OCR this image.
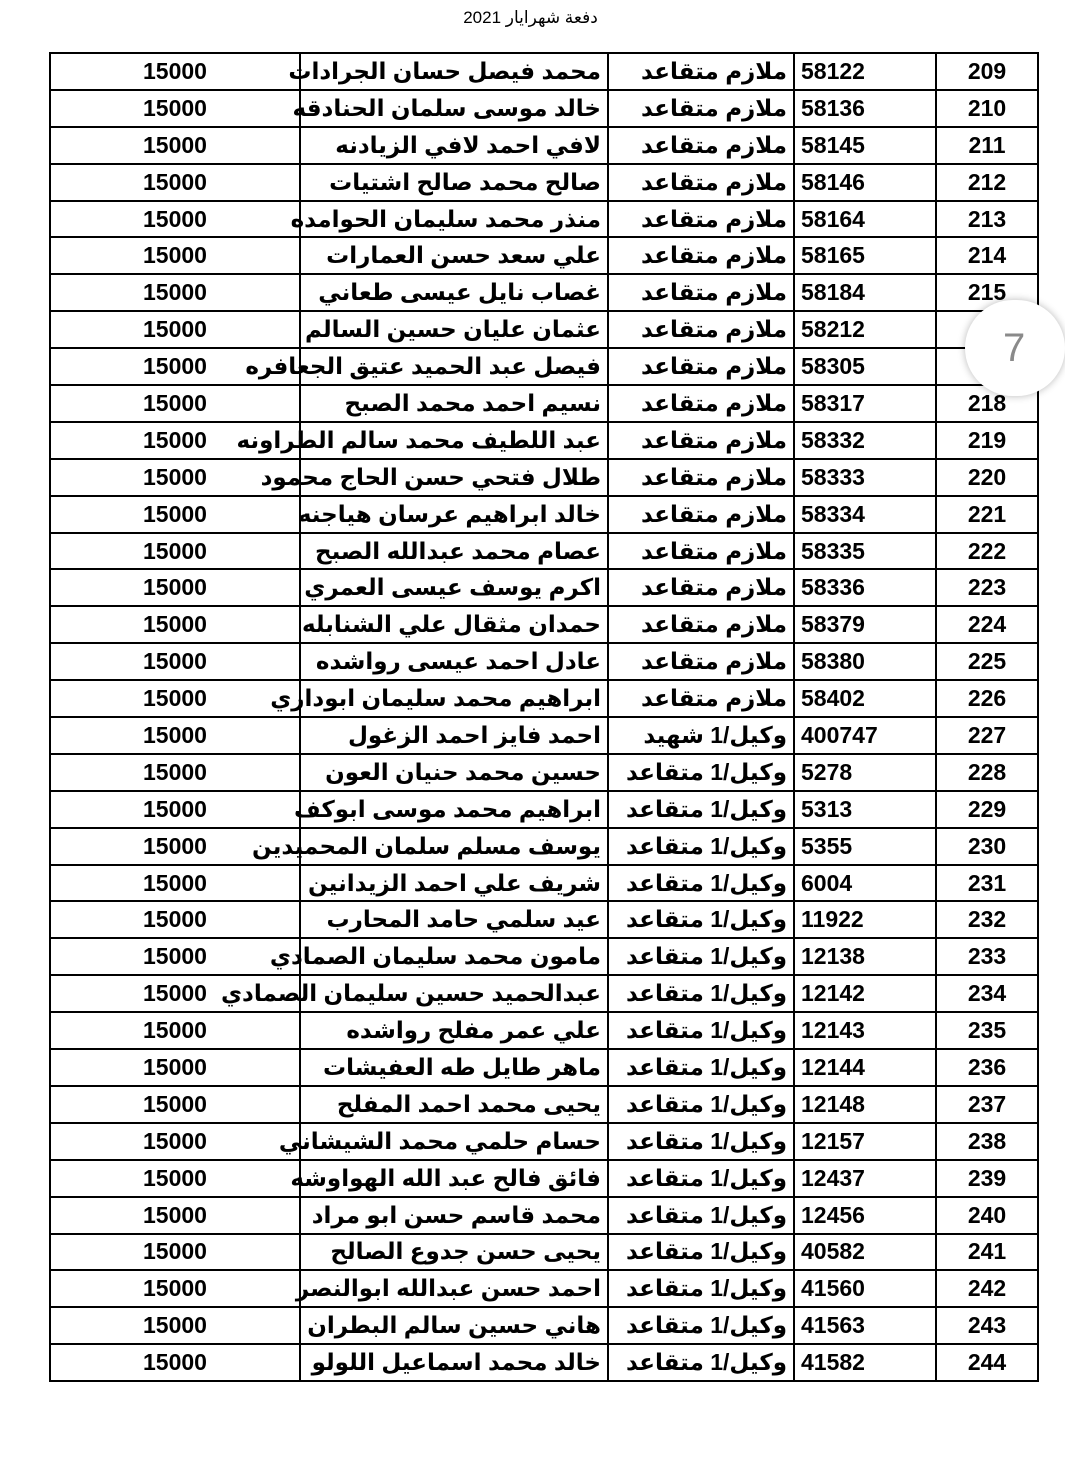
دفعة شهرايار 2021
209	58122	ملازم متقاعد	محمد فيصل حسان الجرادات	15000
210	58136	ملازم متقاعد	خالد موسى سلمان الحنادقه	15000
211	58145	ملازم متقاعد	لافي احمد لافي الزيادنه	15000
212	58146	ملازم متقاعد	صالح محمد صالح اشتيات	15000
213	58164	ملازم متقاعد	منذر محمد سليمان الحوامده	15000
214	58165	ملازم متقاعد	علي سعد حسن العمارات	15000
215	58184	ملازم متقاعد	غصاب نايل عيسى طعاني	15000
	58212	ملازم متقاعد	عثمان عليان حسين السالم	15000
	58305	ملازم متقاعد	فيصل عبد الحميد عتيق الجعافره	15000
218	58317	ملازم متقاعد	نسيم احمد محمد الصبح	15000
219	58332	ملازم متقاعد	عبد اللطيف محمد سالم الطراونه	15000
220	58333	ملازم متقاعد	طلال فتحي حسن الحاج محمود	15000
221	58334	ملازم متقاعد	خالد ابراهيم عرسان هياجنه	15000
222	58335	ملازم متقاعد	عصام محمد عبدالله الصبح	15000
223	58336	ملازم متقاعد	اكرم يوسف عيسى العمري	15000
224	58379	ملازم متقاعد	حمدان مثقال علي الشنابله	15000
225	58380	ملازم متقاعد	عادل احمد عيسى رواشده	15000
226	58402	ملازم متقاعد	ابراهيم محمد سليمان ابوداري	15000
227	400747	وكيل/1 شهيد	احمد فايز احمد الزغول	15000
228	5278	وكيل/1 متقاعد	حسين محمد حنيان العون	15000
229	5313	وكيل/1 متقاعد	ابراهيم محمد موسى ابوكف	15000
230	5355	وكيل/1 متقاعد	يوسف مسلم سلمان المحميدين	15000
231	6004	وكيل/1 متقاعد	شريف علي احمد الزيدانين	15000
232	11922	وكيل/1 متقاعد	عيد سلمي حامد المحارب	15000
233	12138	وكيل/1 متقاعد	مامون محمد سليمان الصمادي	15000
234	12142	وكيل/1 متقاعد	عبدالحميد حسين سليمان الصمادي	15000
235	12143	وكيل/1 متقاعد	علي عمر مفلح رواشده	15000
236	12144	وكيل/1 متقاعد	ماهر طايل طه العفيشات	15000
237	12148	وكيل/1 متقاعد	يحيى محمد احمد المفلح	15000
238	12157	وكيل/1 متقاعد	حسام حلمي محمد الشيشاني	15000
239	12437	وكيل/1 متقاعد	فائق فالح عبد الله الهواوشه	15000
240	12456	وكيل/1 متقاعد	محمد قاسم حسن ابو مراد	15000
241	40582	وكيل/1 متقاعد	يحيى حسن جدوع الصالح	15000
242	41560	وكيل/1 متقاعد	احمد حسن عبدالله ابوالنصر	15000
243	41563	وكيل/1 متقاعد	هاني حسين سالم البطران	15000
244	41582	وكيل/1 متقاعد	خالد محمد اسماعيل اللولو	15000
7
